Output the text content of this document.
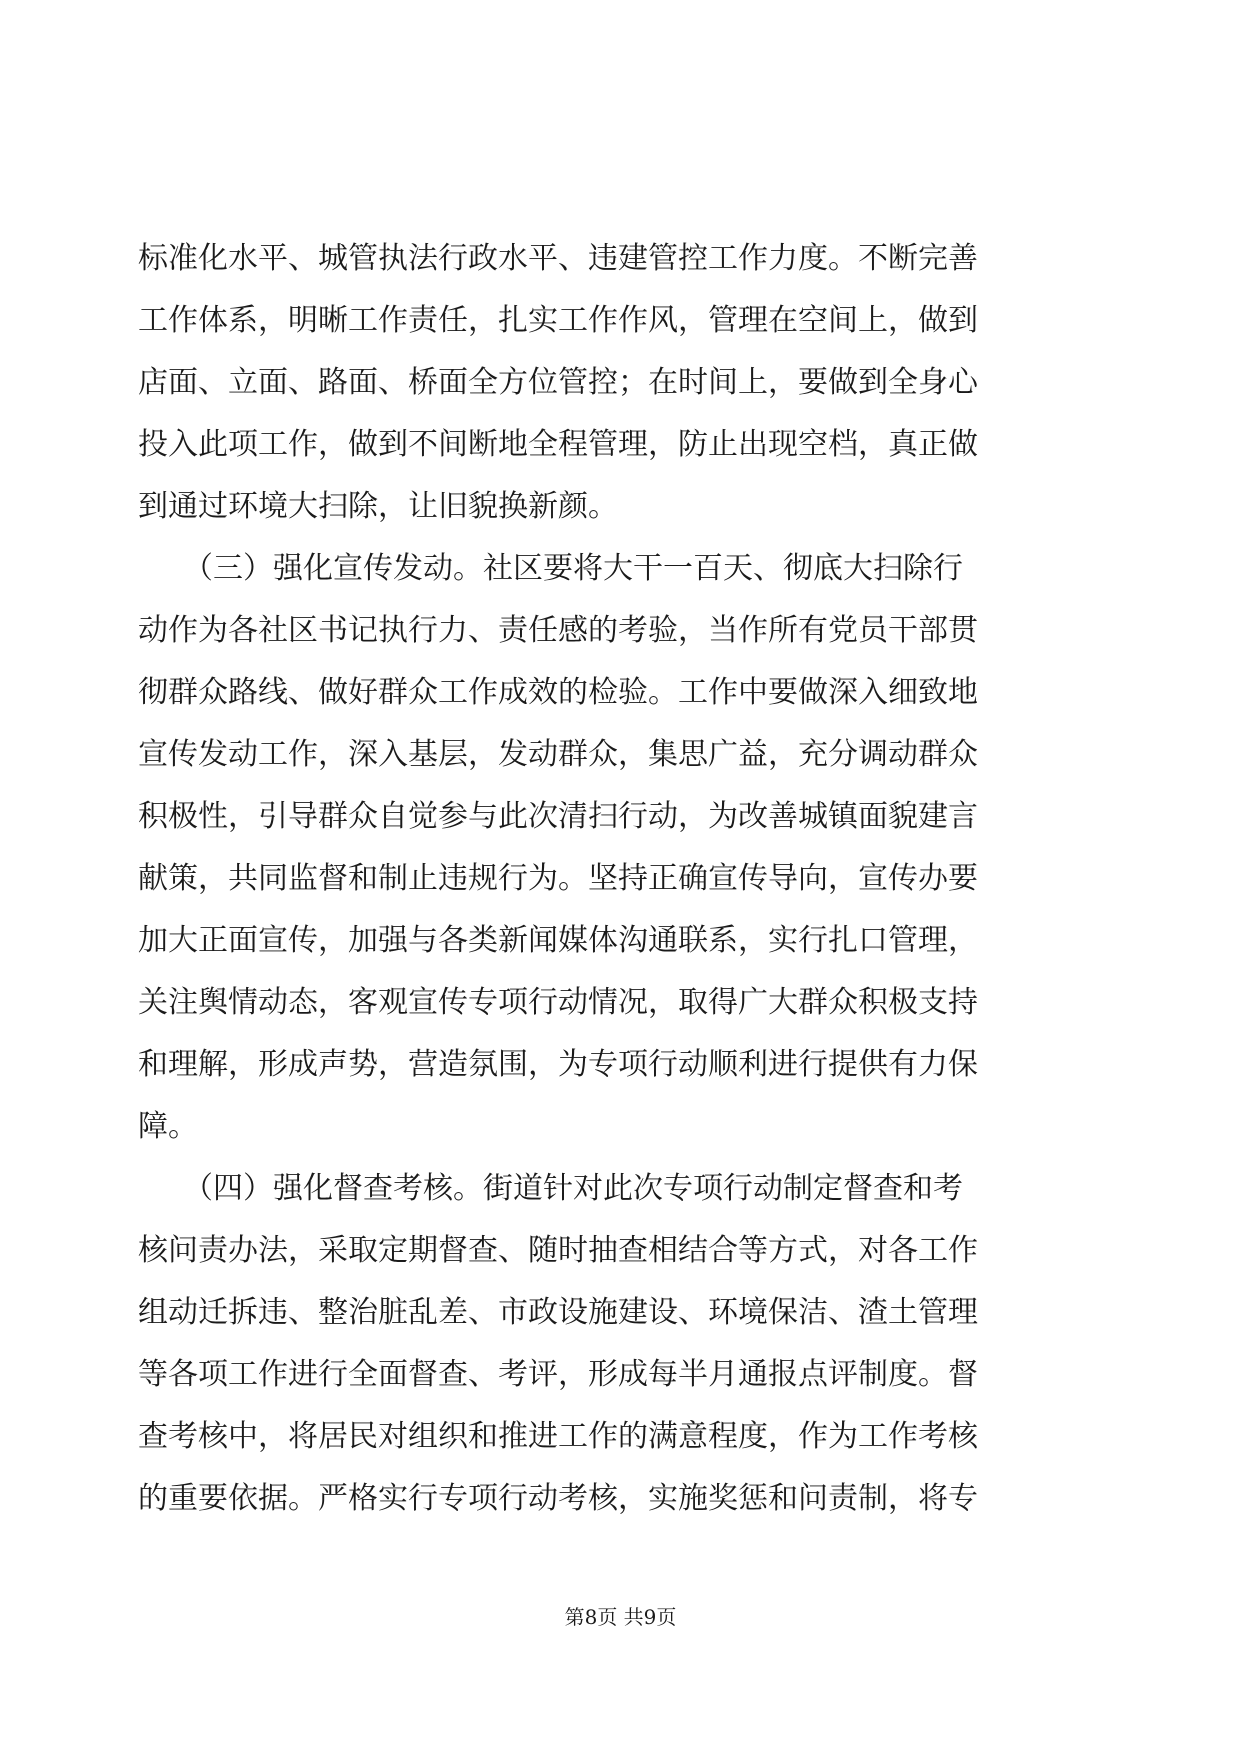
标准化水平、城管执法行政水平、违建管控工作力度。不断完善
工作体系，明晰工作责任，扎实工作作风，管理在空间上，做到
店面、立面、路面、桥面全方位管控；在时间上，要做到全身心
投入此项工作，做到不间断地全程管理，防止出现空档，真正做
到通过环境大扫除，让旧貌换新颜。
　　（三）强化宣传发动。社区要将大干一百天、彻底大扫除行
动作为各社区书记执行力、责任感的考验，当作所有党员干部贯
彻群众路线、做好群众工作成效的检验。工作中要做深入细致地
宣传发动工作，深入基层，发动群众，集思广益，充分调动群众
积极性，引导群众自觉参与此次清扫行动，为改善城镇面貌建言
献策，共同监督和制止违规行为。坚持正确宣传导向，宣传办要
加大正面宣传，加强与各类新闻媒体沟通联系，实行扎口管理，
关注舆情动态，客观宣传专项行动情况，取得广大群众积极支持
和理解，形成声势，营造氛围，为专项行动顺利进行提供有力保
障。
　　（四）强化督查考核。街道针对此次专项行动制定督查和考
核问责办法，采取定期督查、随时抽查相结合等方式，对各工作
组动迁拆违、整治脏乱差、市政设施建设、环境保洁、渣土管理
等各项工作进行全面督查、考评，形成每半月通报点评制度。督
查考核中，将居民对组织和推进工作的满意程度，作为工作考核
的重要依据。严格实行专项行动考核，实施奖惩和问责制，将专
第8页 共9页
